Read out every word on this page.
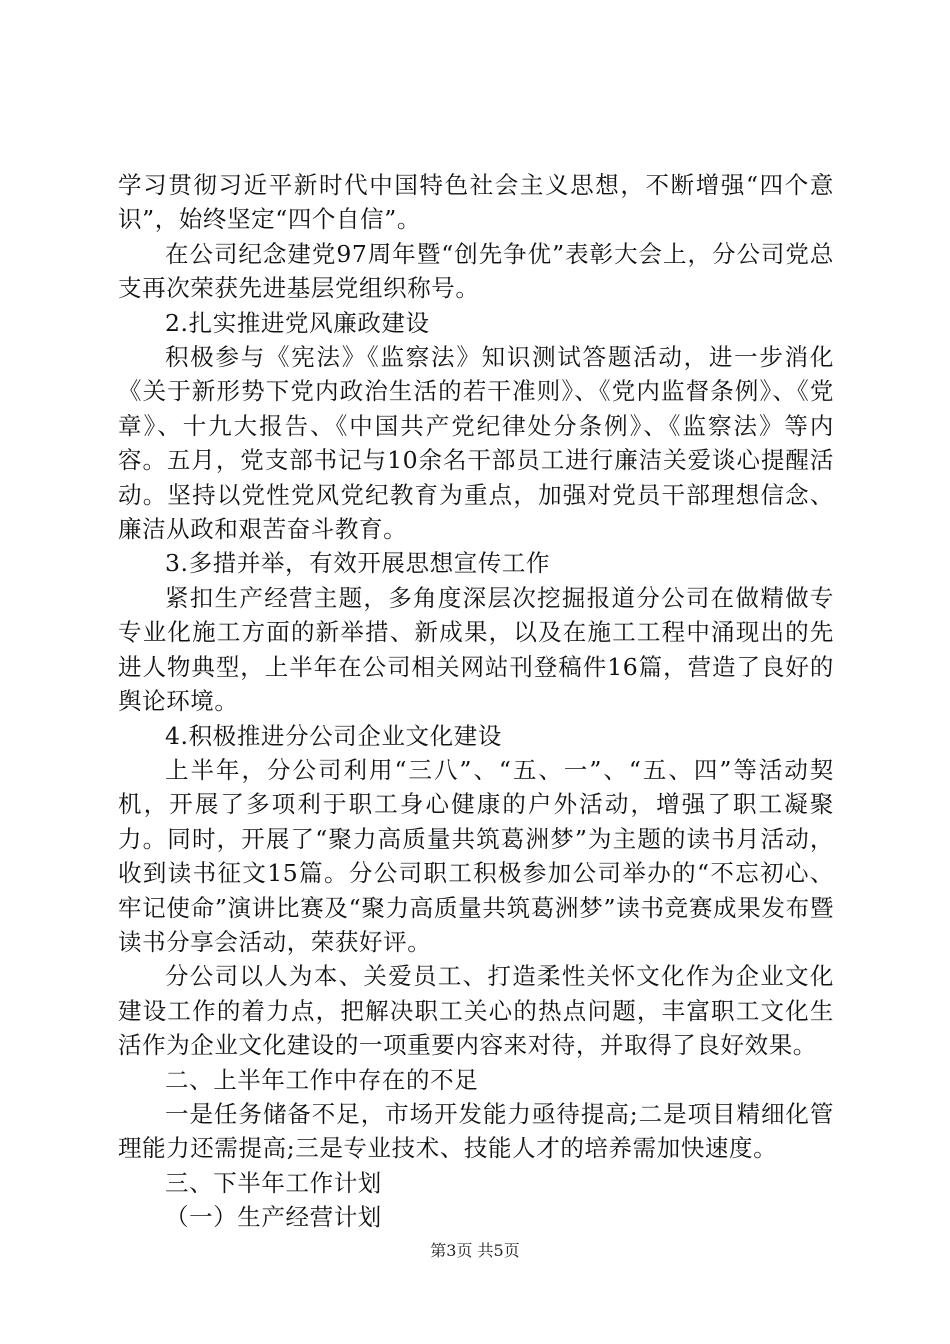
学习贯彻习近平新时代中国特色社会主义思想，不断增强“四个意识”，始终坚定“四个自信”。

在公司纪念建党97周年暨“创先争优”表彰大会上，分公司党总支再次荣获先进基层党组织称号。

2.扎实推进党风廉政建设

积极参与《宪法》《监察法》知识测试答题活动，进一步消化《关于新形势下党内政治生活的若干准则》、《党内监督条例》、《党章》、十九大报告、《中国共产党纪律处分条例》、《监察法》等内容。五月，党支部书记与10余名干部员工进行廉洁关爱谈心提醒活动。坚持以党性党风党纪教育为重点，加强对党员干部理想信念、廉洁从政和艰苦奋斗教育。

3.多措并举，有效开展思想宣传工作

紧扣生产经营主题，多角度深层次挖掘报道分公司在做精做专专业化施工方面的新举措、新成果，以及在施工工程中涌现出的先进人物典型，上半年在公司相关网站刊登稿件16篇，营造了良好的舆论环境。

4.积极推进分公司企业文化建设

上半年，分公司利用“三八”、“五、一”、“五、四”等活动契机，开展了多项利于职工身心健康的户外活动，增强了职工凝聚力。同时，开展了“聚力高质量共筑葛洲梦”为主题的读书月活动，收到读书征文15篇。分公司职工积极参加公司举办的“不忘初心、牢记使命”演讲比赛及“聚力高质量共筑葛洲梦”读书竞赛成果发布暨读书分享会活动，荣获好评。

分公司以人为本、关爱员工、打造柔性关怀文化作为企业文化建设工作的着力点，把解决职工关心的热点问题，丰富职工文化生活作为企业文化建设的一项重要内容来对待，并取得了良好效果。

二、上半年工作中存在的不足

一是任务储备不足，市场开发能力亟待提高;二是项目精细化管理能力还需提高;三是专业技术、技能人才的培养需加快速度。

三、下半年工作计划

（一）生产经营计划

第3页 共5页
